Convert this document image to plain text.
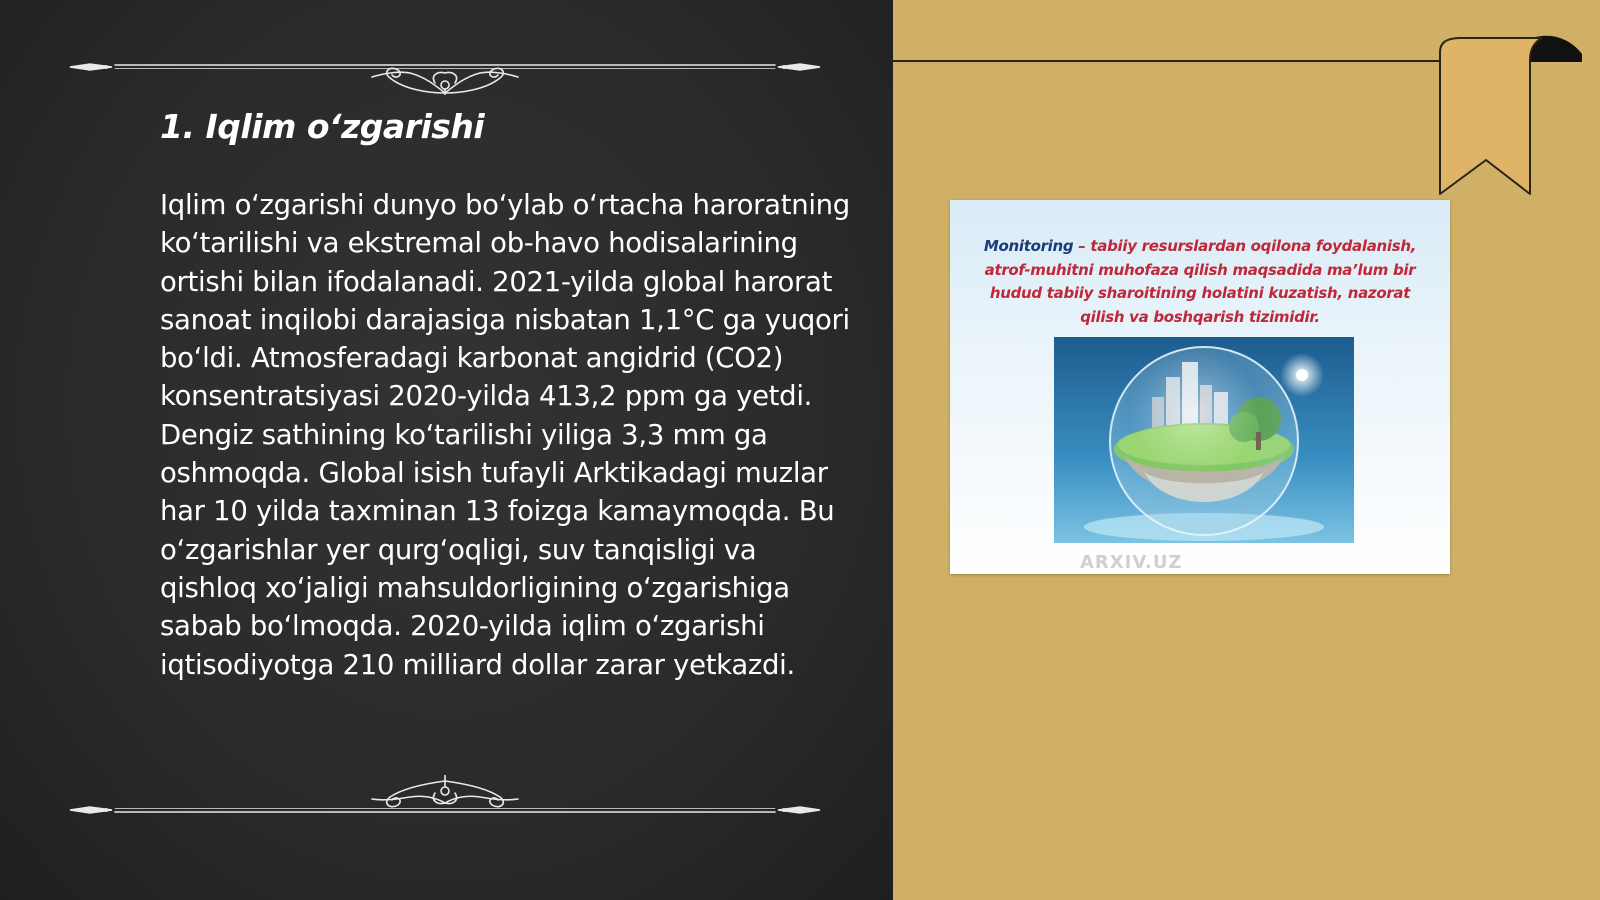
1. Iqlim o‘zgarishi

Iqlim o‘zgarishi dunyo bo‘ylab o‘rtacha haroratning ko‘tarilishi va ekstremal ob-havo hodisalarining ortishi bilan ifodalanadi. 2021-yilda global harorat sanoat inqilobi darajasiga nisbatan 1,1°C ga yuqori bo‘ldi. Atmosferadagi karbonat angidrid (CO2) konsentratsiyasi 2020-yilda 413,2 ppm ga yetdi. Dengiz sathining ko‘tarilishi yiliga 3,3 mm ga oshmoqda. Global isish tufayli Arktikadagi muzlar har 10 yilda taxminan 13 foizga kamaymoqda. Bu o‘zgarishlar yer qurg‘oqligi, suv tanqisligi va qishloq xo‘jaligi mahsuldorligining o‘zgarishiga sabab bo‘lmoqda. 2020-yilda iqlim o‘zgarishi iqtisodiyotga 210 milliard dollar zarar yetkazdi.

Monitoring – tabiiy resurslardan oqilona foydalanish, atrof-muhitni muhofaza qilish maqsadida ma’lum bir hudud tabiiy sharoitining holatini kuzatish, nazorat qilish va boshqarish tizimidir.
ARXIV.UZ
